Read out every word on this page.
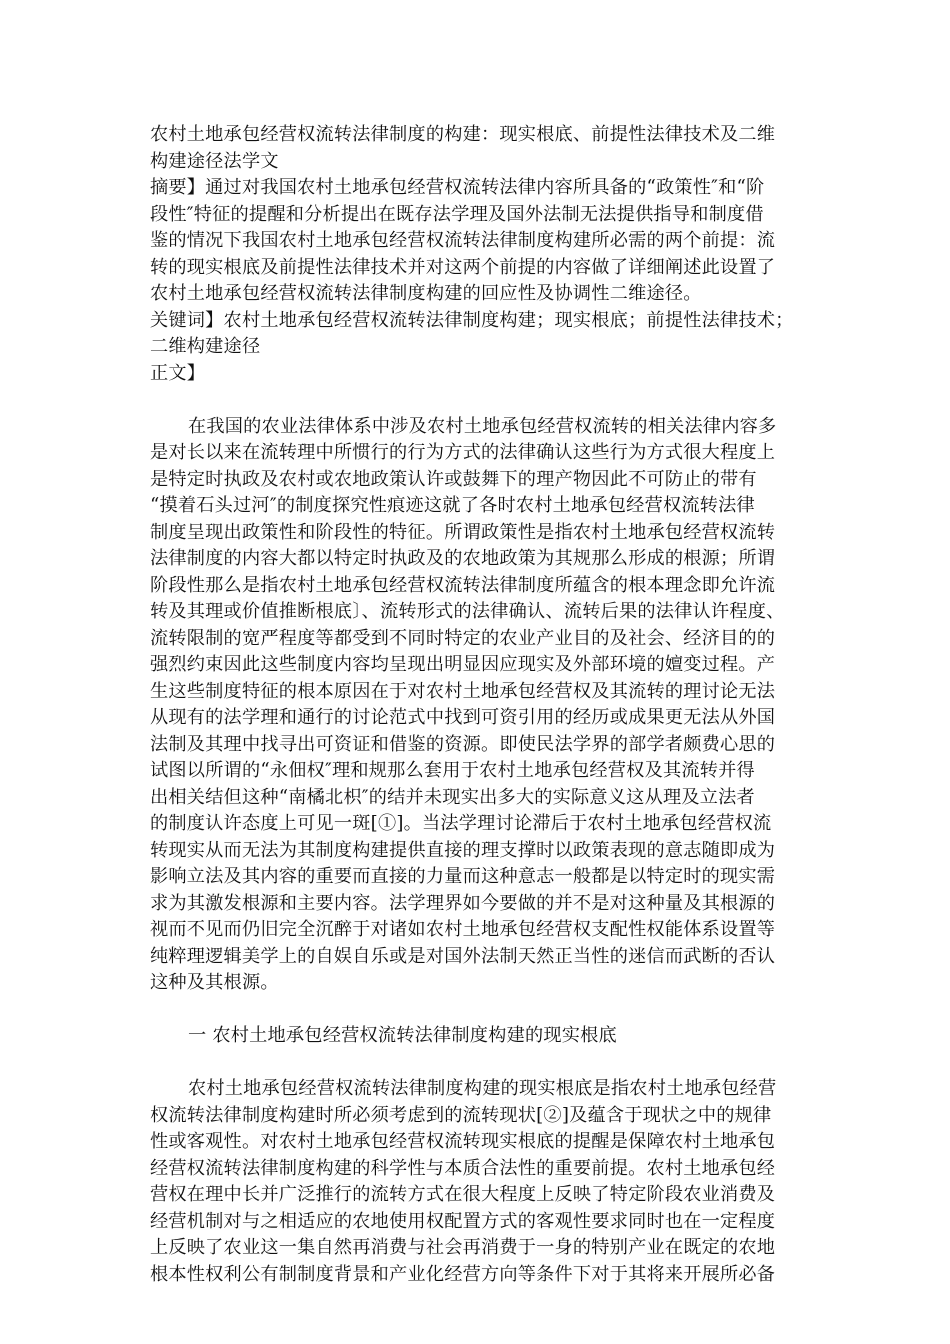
农村土地承包经营权流转法律制度的构建：现实根底、前提性法律技术及二维
构建途径法学文
摘要】通过对我国农村土地承包经营权流转法律内容所具备的“政策性″和“阶
段性″特征的提醒和分析提出在既存法学理及国外法制无法提供指导和制度借
鉴的情况下我国农村土地承包经营权流转法律制度构建所必需的两个前提：流
转的现实根底及前提性法律技术并对这两个前提的内容做了详细阐述此设置了
农村土地承包经营权流转法律制度构建的回应性及协调性二维途径。
关键词】农村土地承包经营权流转法律制度构建；现实根底；前提性法律技术；
二维构建途径
正文】
在我国的农业法律体系中涉及农村土地承包经营权流转的相关法律内容多
是对长以来在流转理中所惯行的行为方式的法律确认这些行为方式很大程度上
是特定时执政及农村或农地政策认许或鼓舞下的理产物因此不可防止的带有
“摸着石头过河″的制度探究性痕迹这就了各时农村土地承包经营权流转法律
制度呈现出政策性和阶段性的特征。所谓政策性是指农村土地承包经营权流转
法律制度的内容大都以特定时执政及的农地政策为其规那么形成的根源；所谓
阶段性那么是指农村土地承包经营权流转法律制度所蕴含的根本理念即允许流
转及其理或价值推断根底〕、流转形式的法律确认、流转后果的法律认许程度、
流转限制的宽严程度等都受到不同时特定的农业产业目的及社会、经济目的的
强烈约束因此这些制度内容均呈现出明显因应现实及外部环境的嬗变过程。产
生这些制度特征的根本原因在于对农村土地承包经营权及其流转的理讨论无法
从现有的法学理和通行的讨论范式中找到可资引用的经历或成果更无法从外国
法制及其理中找寻出可资证和借鉴的资源。即使民法学界的部学者颇费心思的
试图以所谓的“永佃权″理和规那么套用于农村土地承包经营权及其流转并得
出相关结但这种“南橘北枳″的结并未现实出多大的实际意义这从理及立法者
的制度认许态度上可见一斑[①]。当法学理讨论滞后于农村土地承包经营权流
转现实从而无法为其制度构建提供直接的理支撑时以政策表现的意志随即成为
影响立法及其内容的重要而直接的力量而这种意志一般都是以特定时的现实需
求为其激发根源和主要内容。法学理界如今要做的并不是对这种量及其根源的
视而不见而仍旧完全沉醉于对诸如农村土地承包经营权支配性权能体系设置等
纯粹理逻辑美学上的自娱自乐或是对国外法制天然正当性的迷信而武断的否认
这种及其根源。
一 农村土地承包经营权流转法律制度构建的现实根底
农村土地承包经营权流转法律制度构建的现实根底是指农村土地承包经营
权流转法律制度构建时所必须考虑到的流转现状[②]及蕴含于现状之中的规律
性或客观性。对农村土地承包经营权流转现实根底的提醒是保障农村土地承包
经营权流转法律制度构建的科学性与本质合法性的重要前提。农村土地承包经
营权在理中长并广泛推行的流转方式在很大程度上反映了特定阶段农业消费及
经营机制对与之相适应的农地使用权配置方式的客观性要求同时也在一定程度
上反映了农业这一集自然再消费与社会再消费于一身的特别产业在既定的农地
根本性权利公有制制度背景和产业化经营方向等条件下对于其将来开展所必备
